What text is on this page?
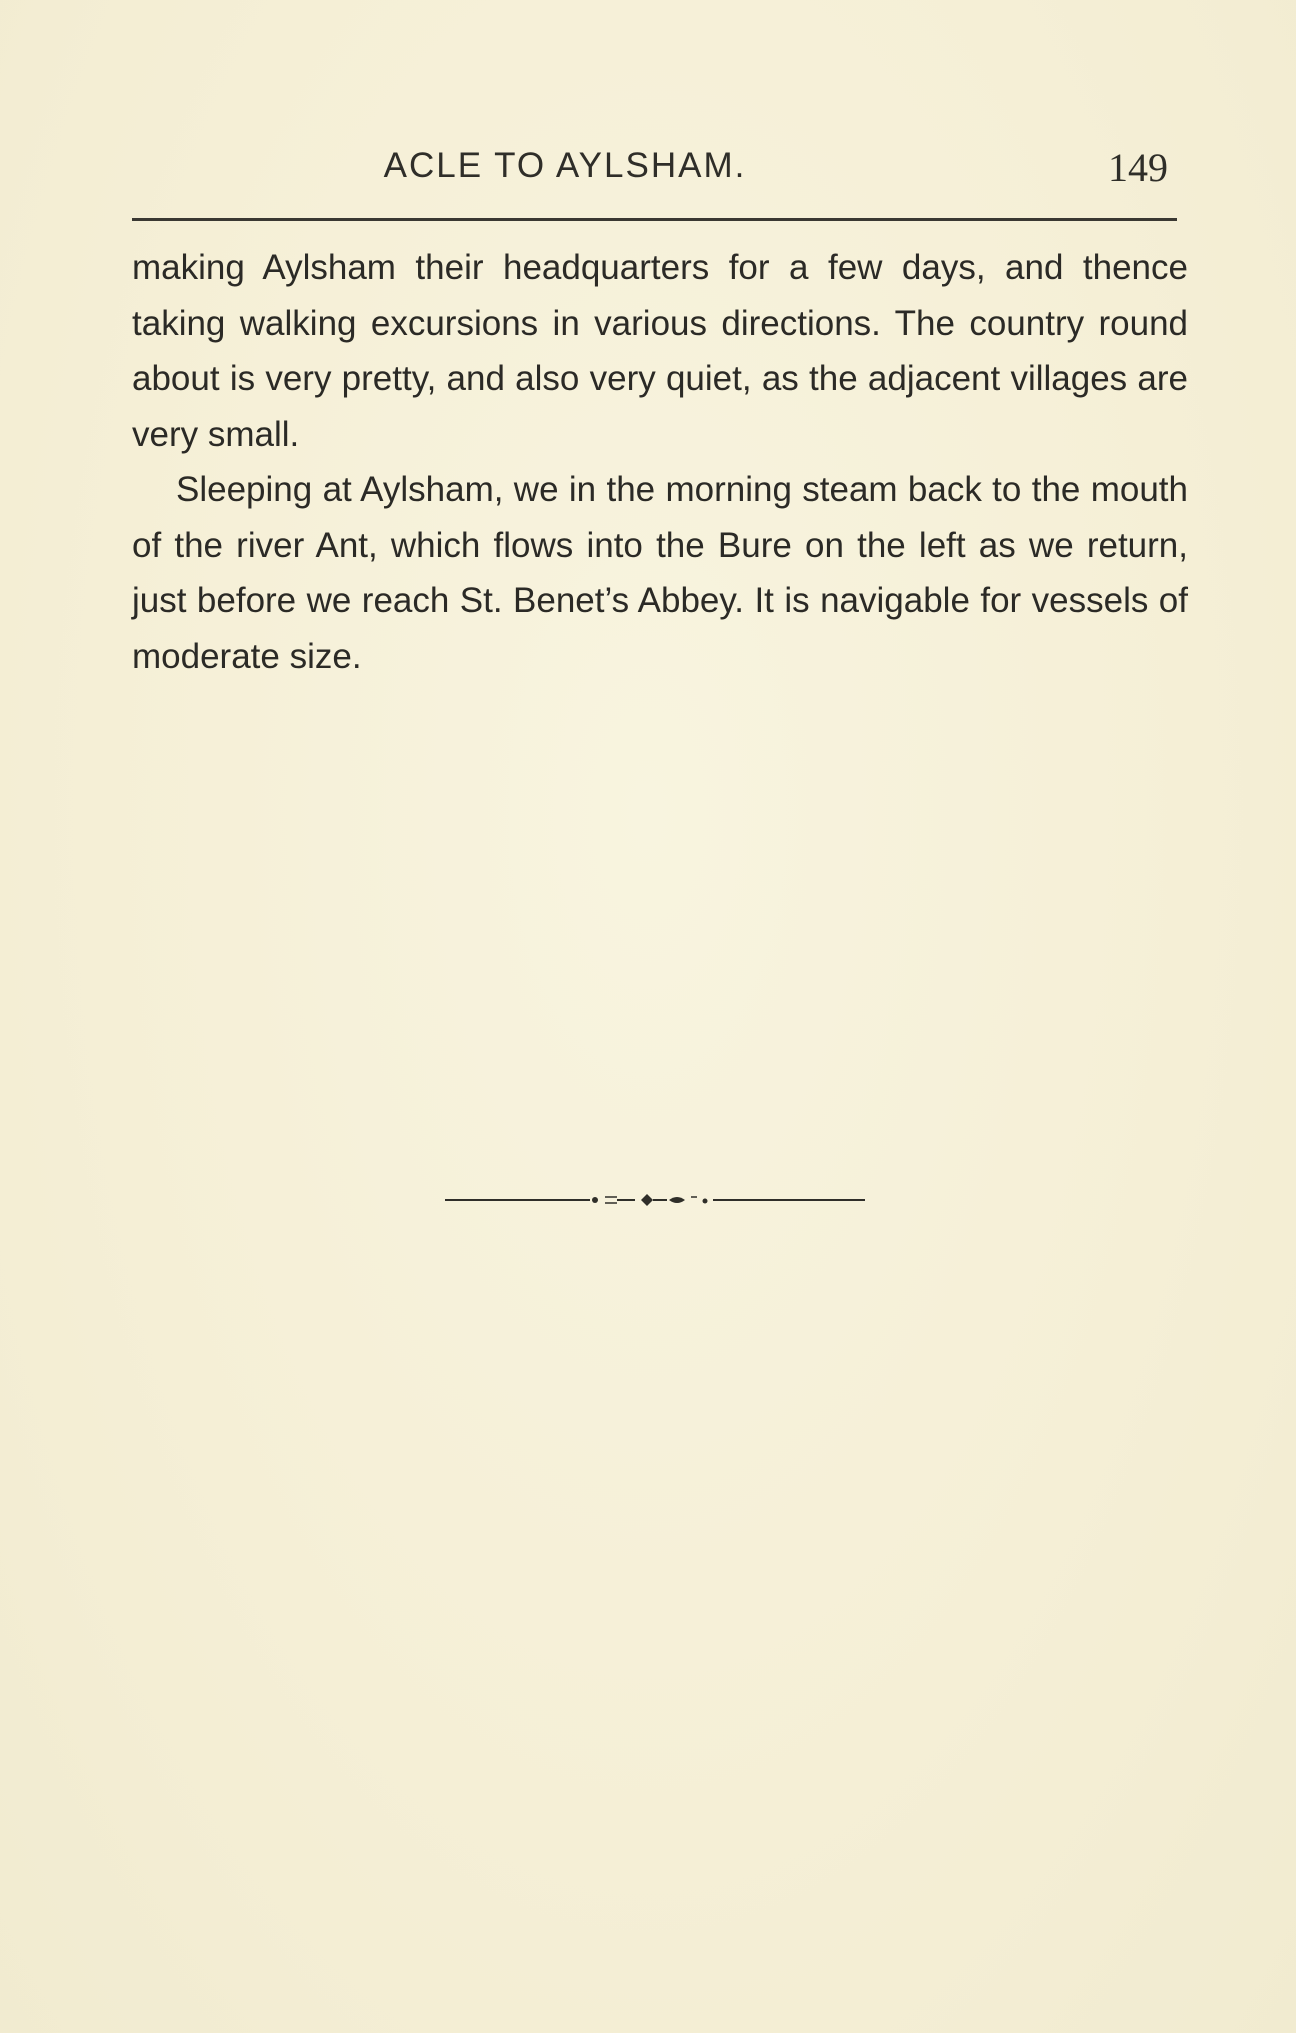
ACLE TO AYLSHAM.	149

making Aylsham their headquarters for a few days, and thence taking walking excursions in various directions. The country round about is very pretty, and also very quiet, as the adjacent villages are very small.

Sleeping at Aylsham, we in the morning steam back to the mouth of the river Ant, which flows into the Bure on the left as we return, just before we reach St. Benet’s Abbey. It is navigable for vessels of moderate size.
